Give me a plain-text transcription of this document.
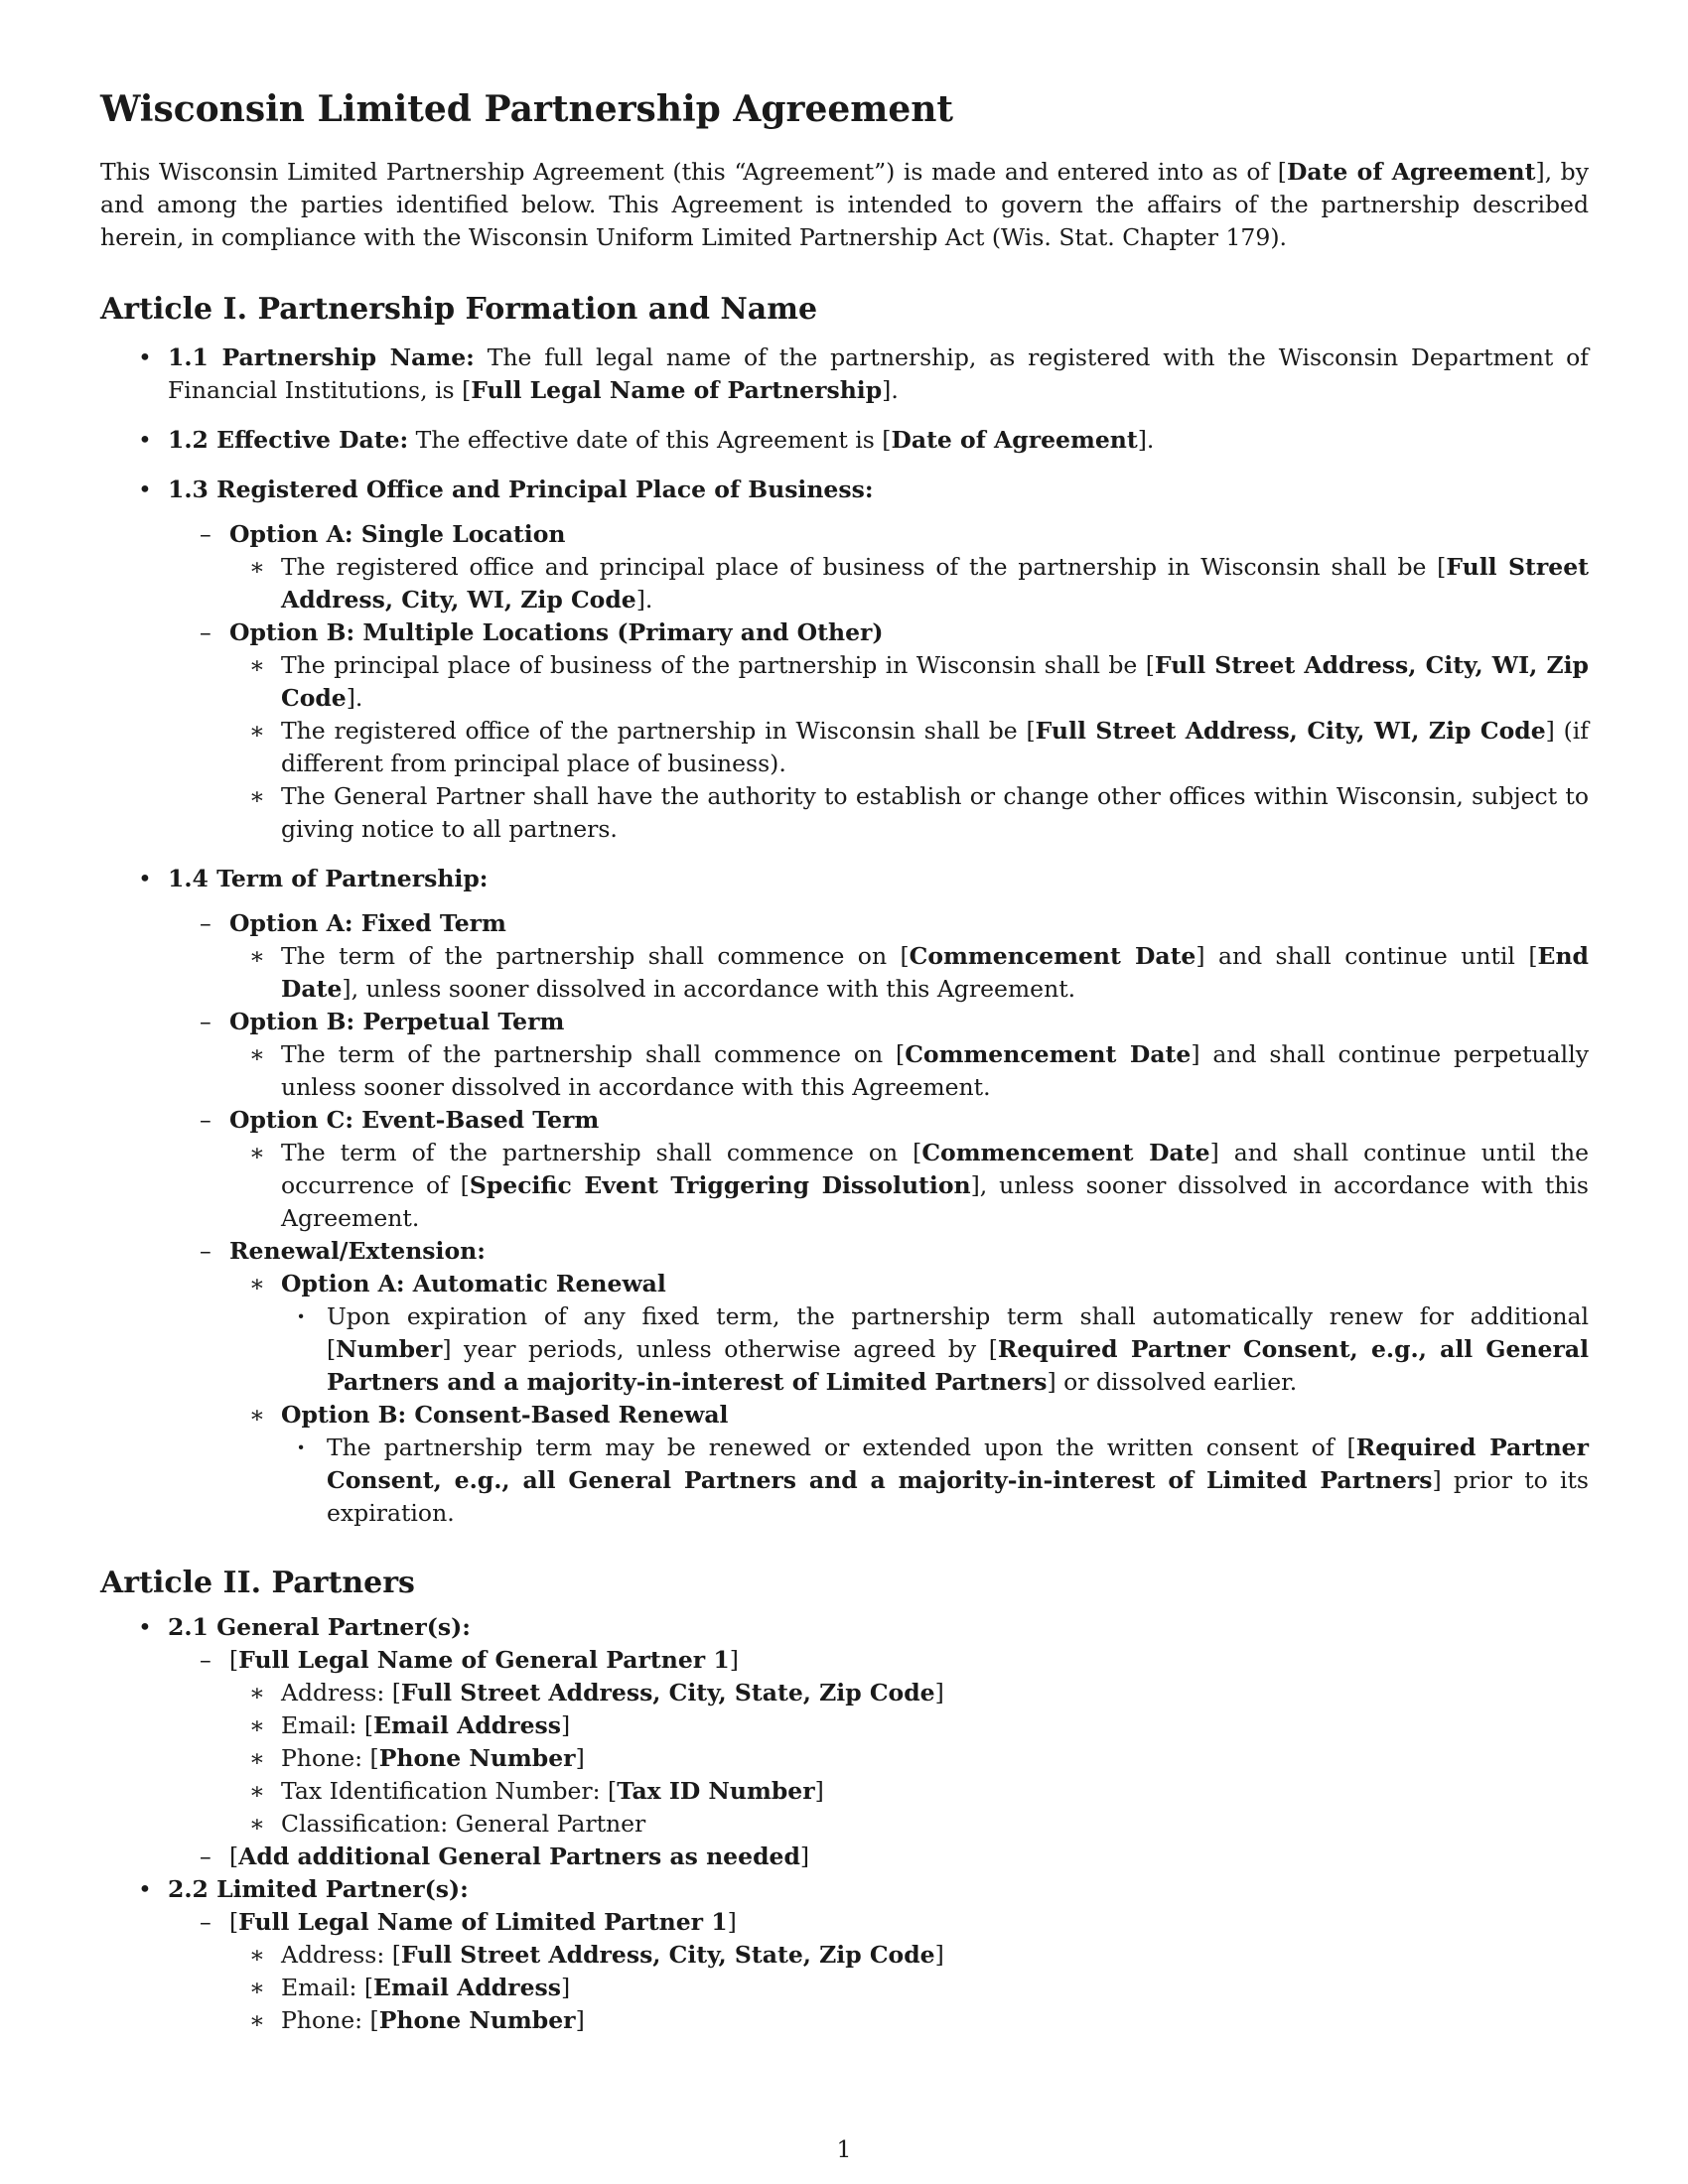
Wisconsin Limited Partnership Agreement

This Wisconsin Limited Partnership Agreement (this “Agreement”) is made and entered into as of [Date of Agreement], by and among the parties identified below. This Agreement is intended to govern the affairs of the partnership described herein, in compliance with the Wisconsin Uniform Limited Partnership Act (Wis. Stat. Chapter 179).

Article I. Partnership Formation and Name
• 1.1 Partnership Name: The full legal name of the partnership, as registered with the Wisconsin Department of Financial Institutions, is [Full Legal Name of Partnership].
• 1.2 Effective Date: The effective date of this Agreement is [Date of Agreement].
• 1.3 Registered Office and Principal Place of Business:
– Option A: Single Location
∗ The registered office and principal place of business of the partnership in Wisconsin shall be [Full Street Address, City, WI, Zip Code].
– Option B: Multiple Locations (Primary and Other)
∗ The principal place of business of the partnership in Wisconsin shall be [Full Street Address, City, WI, Zip Code].
∗ The registered office of the partnership in Wisconsin shall be [Full Street Address, City, WI, Zip Code] (if different from principal place of business).
∗ The General Partner shall have the authority to establish or change other offices within Wisconsin, subject to giving notice to all partners.
• 1.4 Term of Partnership:
– Option A: Fixed Term
∗ The term of the partnership shall commence on [Commencement Date] and shall continue until [End Date], unless sooner dissolved in accordance with this Agreement.
– Option B: Perpetual Term
∗ The term of the partnership shall commence on [Commencement Date] and shall continue perpetually unless sooner dissolved in accordance with this Agreement.
– Option C: Event-Based Term
∗ The term of the partnership shall commence on [Commencement Date] and shall continue until the occurrence of [Specific Event Triggering Dissolution], unless sooner dissolved in accordance with this Agreement.
– Renewal/Extension:
∗ Option A: Automatic Renewal
· Upon expiration of any fixed term, the partnership term shall automatically renew for additional [Number] year periods, unless otherwise agreed by [Required Partner Consent, e.g., all General Partners and a majority-in-interest of Limited Partners] or dissolved earlier.
∗ Option B: Consent-Based Renewal
· The partnership term may be renewed or extended upon the written consent of [Required Partner Consent, e.g., all General Partners and a majority-in-interest of Limited Partners] prior to its expiration.
Article II. Partners
• 2.1 General Partner(s):
– [Full Legal Name of General Partner 1]
∗ Address: [Full Street Address, City, State, Zip Code]
∗ Email: [Email Address]
∗ Phone: [Phone Number]
∗ Tax Identification Number: [Tax ID Number]
∗ Classification: General Partner
– [Add additional General Partners as needed]
• 2.2 Limited Partner(s):
– [Full Legal Name of Limited Partner 1]
∗ Address: [Full Street Address, City, State, Zip Code]
∗ Email: [Email Address]
∗ Phone: [Phone Number]
1
